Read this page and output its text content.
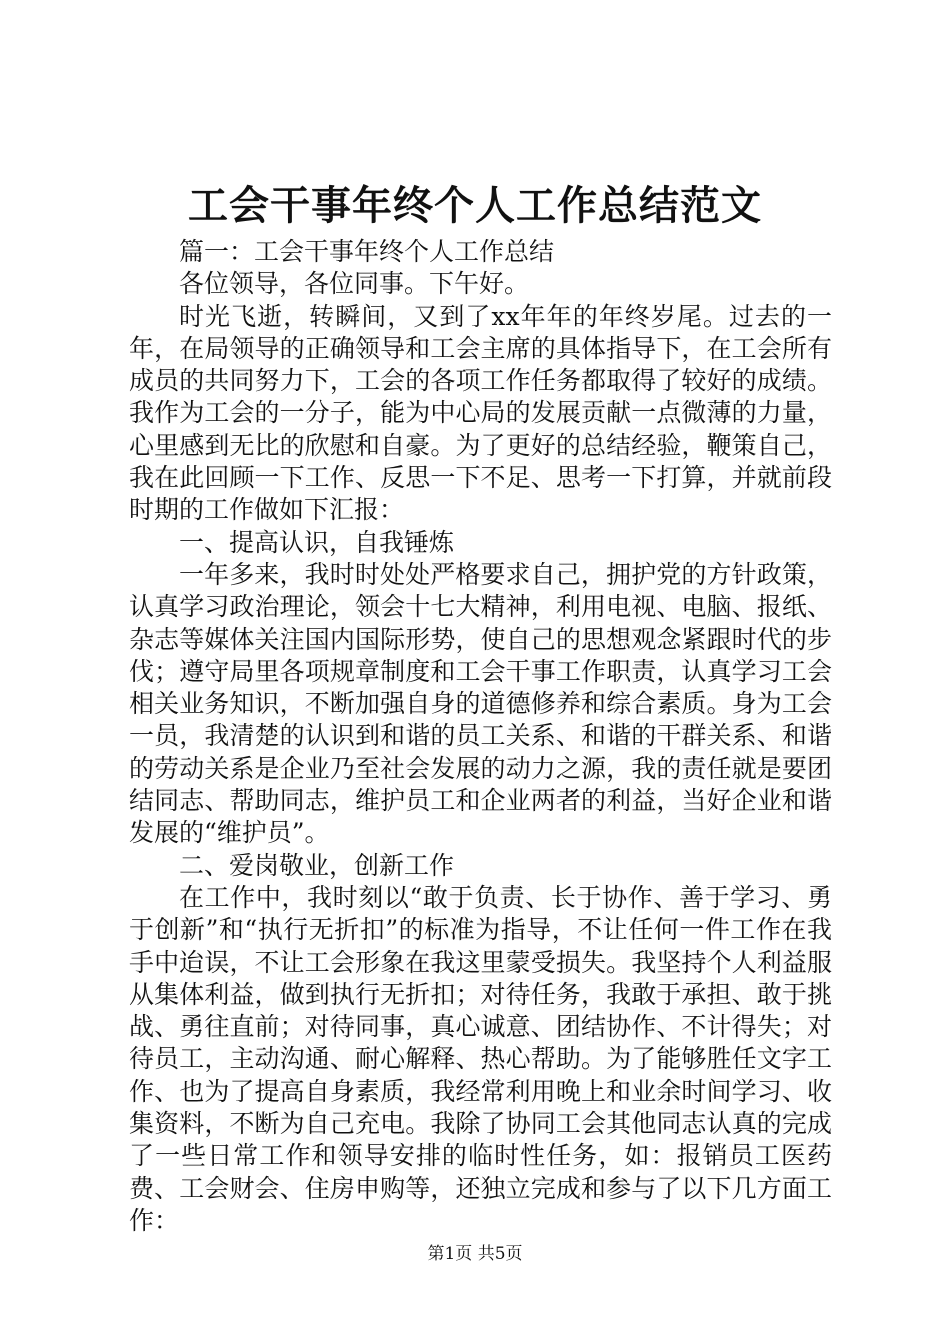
工会干事年终个人工作总结范文

篇一：工会干事年终个人工作总结

各位领导，各位同事。下午好。

时光飞逝，转瞬间，又到了xx年年的年终岁尾。过去的一年，在局领导的正确领导和工会主席的具体指导下，在工会所有成员的共同努力下，工会的各项工作任务都取得了较好的成绩。我作为工会的一分子，能为中心局的发展贡献一点微薄的力量，心里感到无比的欣慰和自豪。为了更好的总结经验，鞭策自己，我在此回顾一下工作、反思一下不足、思考一下打算，并就前段时期的工作做如下汇报：

一、提高认识，自我锤炼

一年多来，我时时处处严格要求自己，拥护党的方针政策，认真学习政治理论，领会十七大精神，利用电视、电脑、报纸、杂志等媒体关注国内国际形势，使自己的思想观念紧跟时代的步伐；遵守局里各项规章制度和工会干事工作职责，认真学习工会相关业务知识，不断加强自身的道德修养和综合素质。身为工会一员，我清楚的认识到和谐的员工关系、和谐的干群关系、和谐的劳动关系是企业乃至社会发展的动力之源，我的责任就是要团结同志、帮助同志，维护员工和企业两者的利益，当好企业和谐发展的“维护员”。

二、爱岗敬业，创新工作

在工作中，我时刻以“敢于负责、长于协作、善于学习、勇于创新”和“执行无折扣”的标准为指导，不让任何一件工作在我手中迨误，不让工会形象在我这里蒙受损失。我坚持个人利益服从集体利益，做到执行无折扣；对待任务，我敢于承担、敢于挑战、勇往直前；对待同事，真心诚意、团结协作、不计得失；对待员工，主动沟通、耐心解释、热心帮助。为了能够胜任文字工作、也为了提高自身素质，我经常利用晚上和业余时间学习、收集资料，不断为自己充电。我除了协同工会其他同志认真的完成了一些日常工作和领导安排的临时性任务，如：报销员工医药费、工会财会、住房申购等，还独立完成和参与了以下几方面工作：

第1页 共5页
